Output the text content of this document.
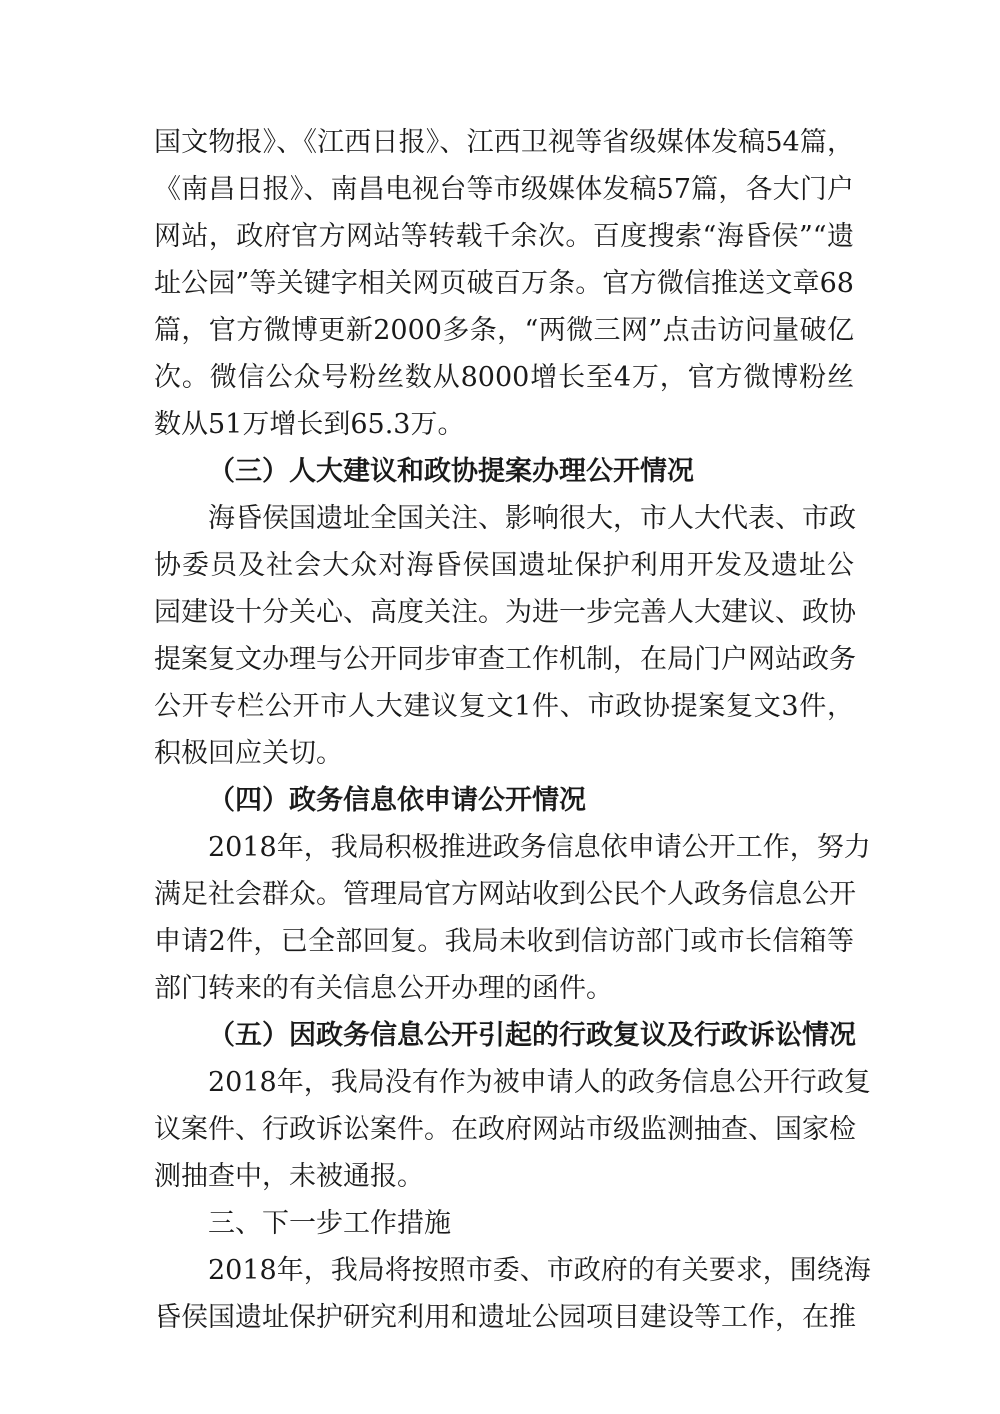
国文物报》、《江西日报》、江西卫视等省级媒体发稿54篇，
《南昌日报》、南昌电视台等市级媒体发稿57篇，各大门户
网站，政府官方网站等转载千余次。百度搜索“海昏侯”“遗
址公园”等关键字相关网页破百万条。官方微信推送文章68
篇，官方微博更新2000多条，“两微三网”点击访问量破亿
次。微信公众号粉丝数从8000增长至4万，官方微博粉丝
数从51万增长到65.3万。
（三）人大建议和政协提案办理公开情况
海昏侯国遗址全国关注、影响很大，市人大代表、市政
协委员及社会大众对海昏侯国遗址保护利用开发及遗址公
园建设十分关心、高度关注。为进一步完善人大建议、政协
提案复文办理与公开同步审查工作机制，在局门户网站政务
公开专栏公开市人大建议复文1件、市政协提案复文3件，
积极回应关切。
（四）政务信息依申请公开情况
2018年，我局积极推进政务信息依申请公开工作，努力
满足社会群众。管理局官方网站收到公民个人政务信息公开
申请2件，已全部回复。我局未收到信访部门或市长信箱等
部门转来的有关信息公开办理的函件。
（五）因政务信息公开引起的行政复议及行政诉讼情况
2018年，我局没有作为被申请人的政务信息公开行政复
议案件、行政诉讼案件。在政府网站市级监测抽查、国家检
测抽查中，未被通报。
三、下一步工作措施
2018年，我局将按照市委、市政府的有关要求，围绕海
昏侯国遗址保护研究利用和遗址公园项目建设等工作，在推
